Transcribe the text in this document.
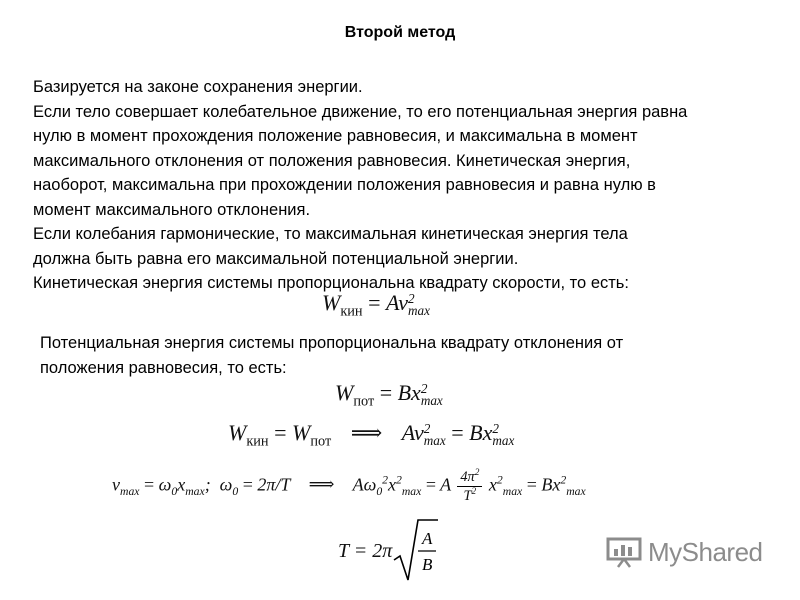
Второй метод

Базируется на законе сохранения энергии.

Если тело совершает колебательное движение, то его потенциальная энергия равна

нулю в момент прохождения положение равновесия, и максимальна в момент

максимального отклонения от положения равновесия. Кинетическая энергия,

наоборот, максимальна при прохождении положения равновесия и равна нулю в

момент максимального отклонения.

Если колебания гармонические, то максимальная кинетическая энергия тела

должна быть равна его максимальной потенциальной энергии.

Кинетическая энергия системы пропорциональна квадрату скорости, то есть:

$W_{кин} = Av$ 2
max

Потенциальная энергия системы пропорциональна квадрату отклонения от

положения равновесия, то есть:

$W_{пот} = Bx$ 2
max
$W_{кин} = W_{пот}$ ⟹ Av 2
max = Bx 2
max
$v_{max} = \omega_0x_{max}$;  $\omega_0 = 2\pi/T$ ⟹ $A\omega_0^2x^2_{max} = A \frac{4\pi^2}{T^2} x^2_{max} = Bx^2_{max}$
T = 2π
A
B	MyShared
